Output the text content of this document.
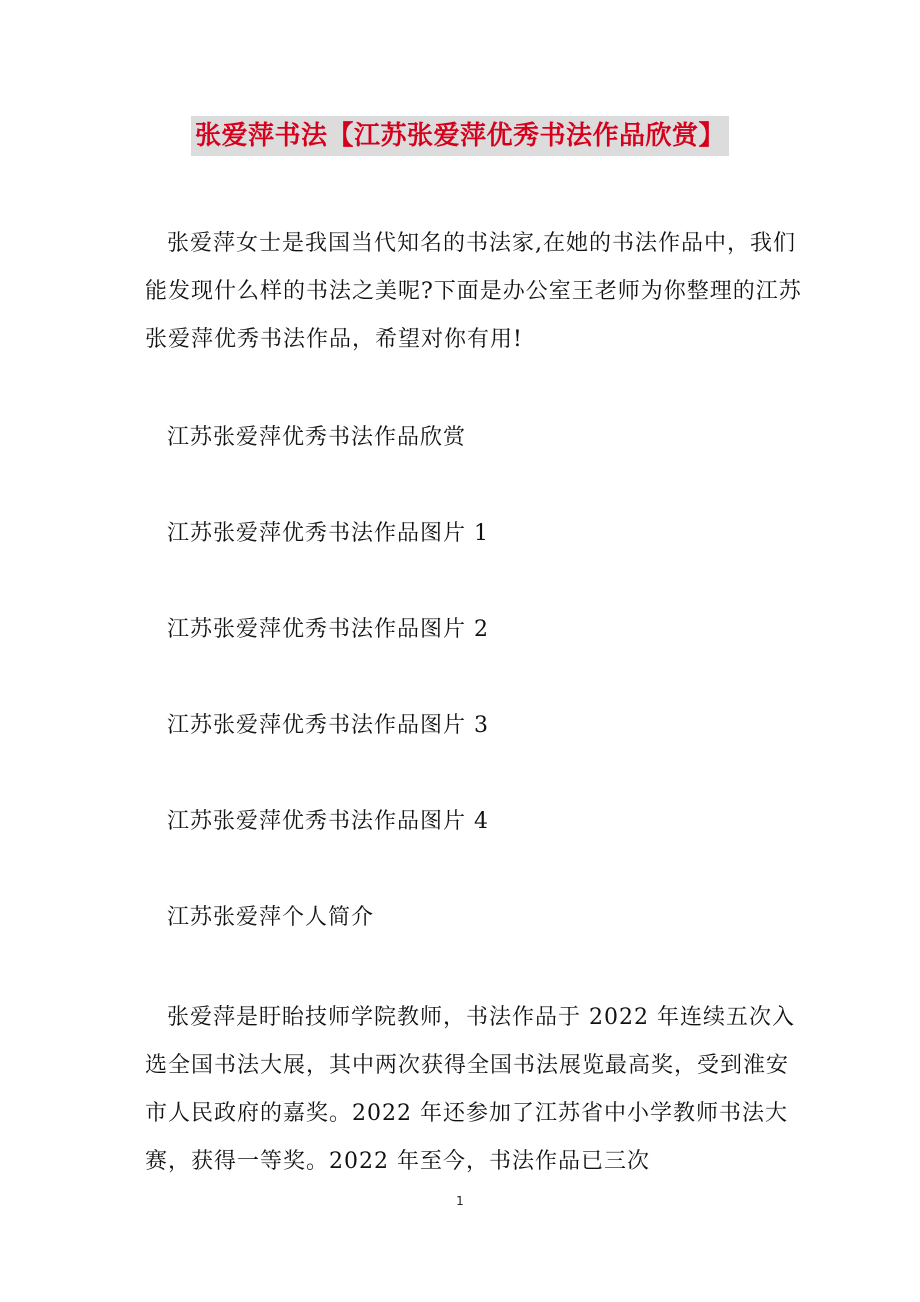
张爱萍书法【江苏张爱萍优秀书法作品欣赏】

张爱萍女士是我国当代知名的书法家,在她的书法作品中，我们能发现什么样的书法之美呢?下面是办公室王老师为你整理的江苏张爱萍优秀书法作品，希望对你有用!

江苏张爱萍优秀书法作品欣赏

江苏张爱萍优秀书法作品图片 1

江苏张爱萍优秀书法作品图片 2

江苏张爱萍优秀书法作品图片 3

江苏张爱萍优秀书法作品图片 4

江苏张爱萍个人简介

张爱萍是盱眙技师学院教师，书法作品于 2022 年连续五次入选全国书法大展，其中两次获得全国书法展览最高奖，受到淮安市人民政府的嘉奖。2022 年还参加了江苏省中小学教师书法大赛，获得一等奖。2022 年至今，书法作品已三次

1
